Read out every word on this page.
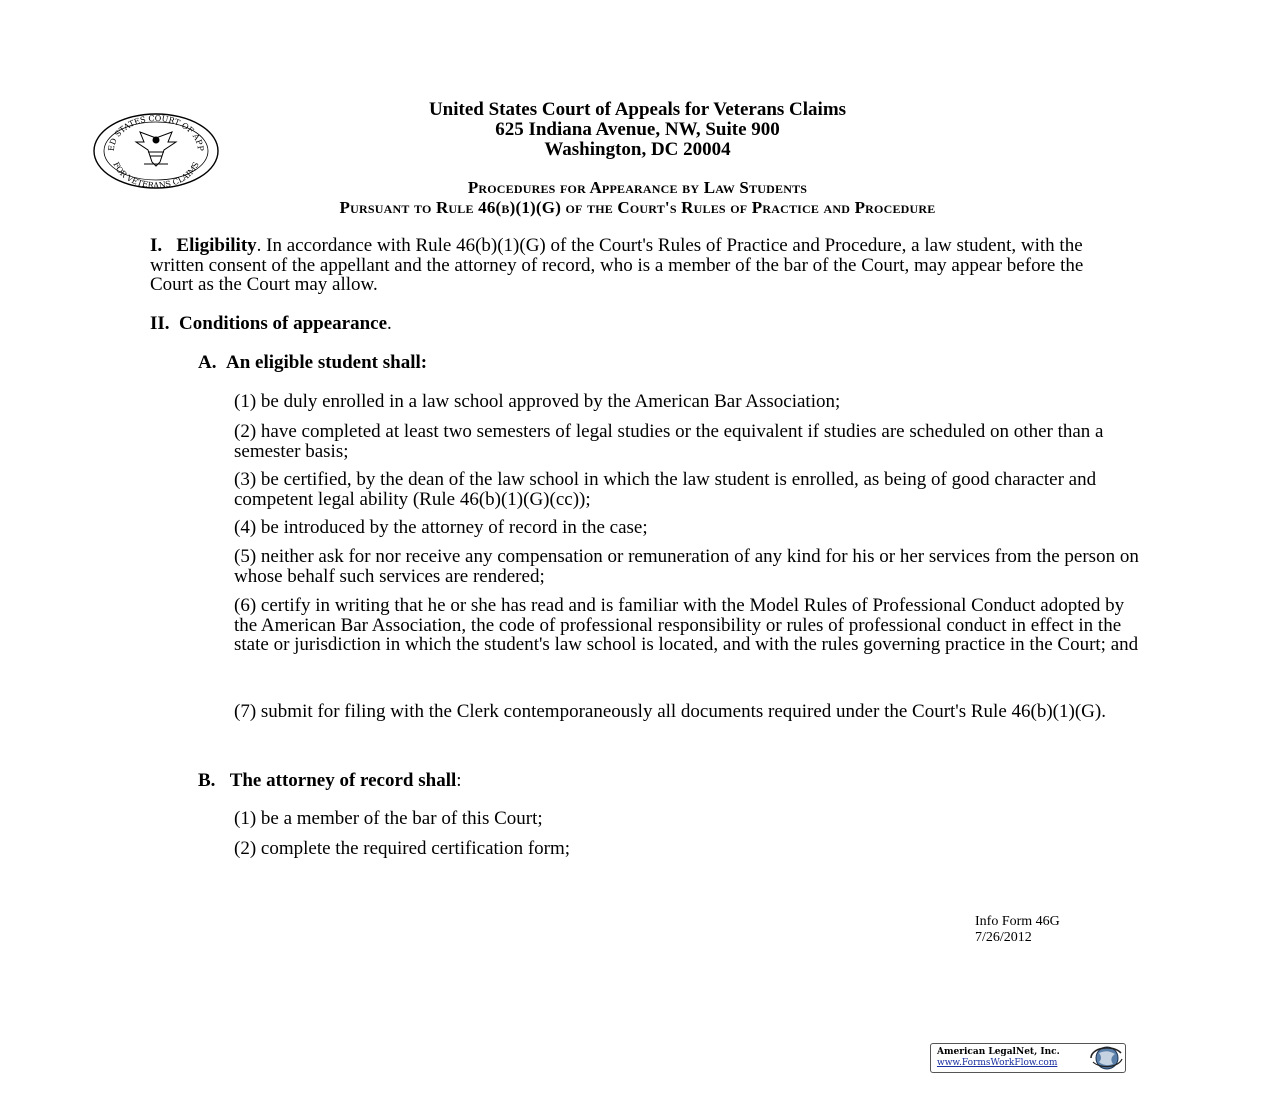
ED STATES COURT OF APP
FOR VETERANS CLAIMS
United States Court of Appeals for Veterans Claims
625 Indiana Avenue, NW, Suite 900
Washington, DC 20004
Procedures for Appearance by Law Students
Pursuant to Rule 46(b)(1)(G) of the Court's Rules of Practice and Procedure
I. Eligibility. In accordance with Rule 46(b)(1)(G) of the Court's Rules of Practice and Procedure, a law student, with the written consent of the appellant and the attorney of record, who is a member of the bar of the Court, may appear before the Court as the Court may allow.
II. Conditions of appearance.
A. An eligible student shall:
(1) be duly enrolled in a law school approved by the American Bar Association;
(2) have completed at least two semesters of legal studies or the equivalent if studies are scheduled on other than a semester basis;
(3) be certified, by the dean of the law school in which the law student is enrolled, as being of good character and competent legal ability (Rule 46(b)(1)(G)(cc));
(4) be introduced by the attorney of record in the case;
(5) neither ask for nor receive any compensation or remuneration of any kind for his or her services from the person on whose behalf such services are rendered;
(6) certify in writing that he or she has read and is familiar with the Model Rules of Professional Conduct adopted by the American Bar Association, the code of professional responsibility or rules of professional conduct in effect in the state or jurisdiction in which the student's law school is located, and with the rules governing practice in the Court; and
(7) submit for filing with the Clerk contemporaneously all documents required under the Court's Rule 46(b)(1)(G).
B. The attorney of record shall:
(1) be a member of the bar of this Court;
(2) complete the required certification form;
Info Form 46G
7/26/2012
American LegalNet, Inc.
www.FormsWorkFlow.com
